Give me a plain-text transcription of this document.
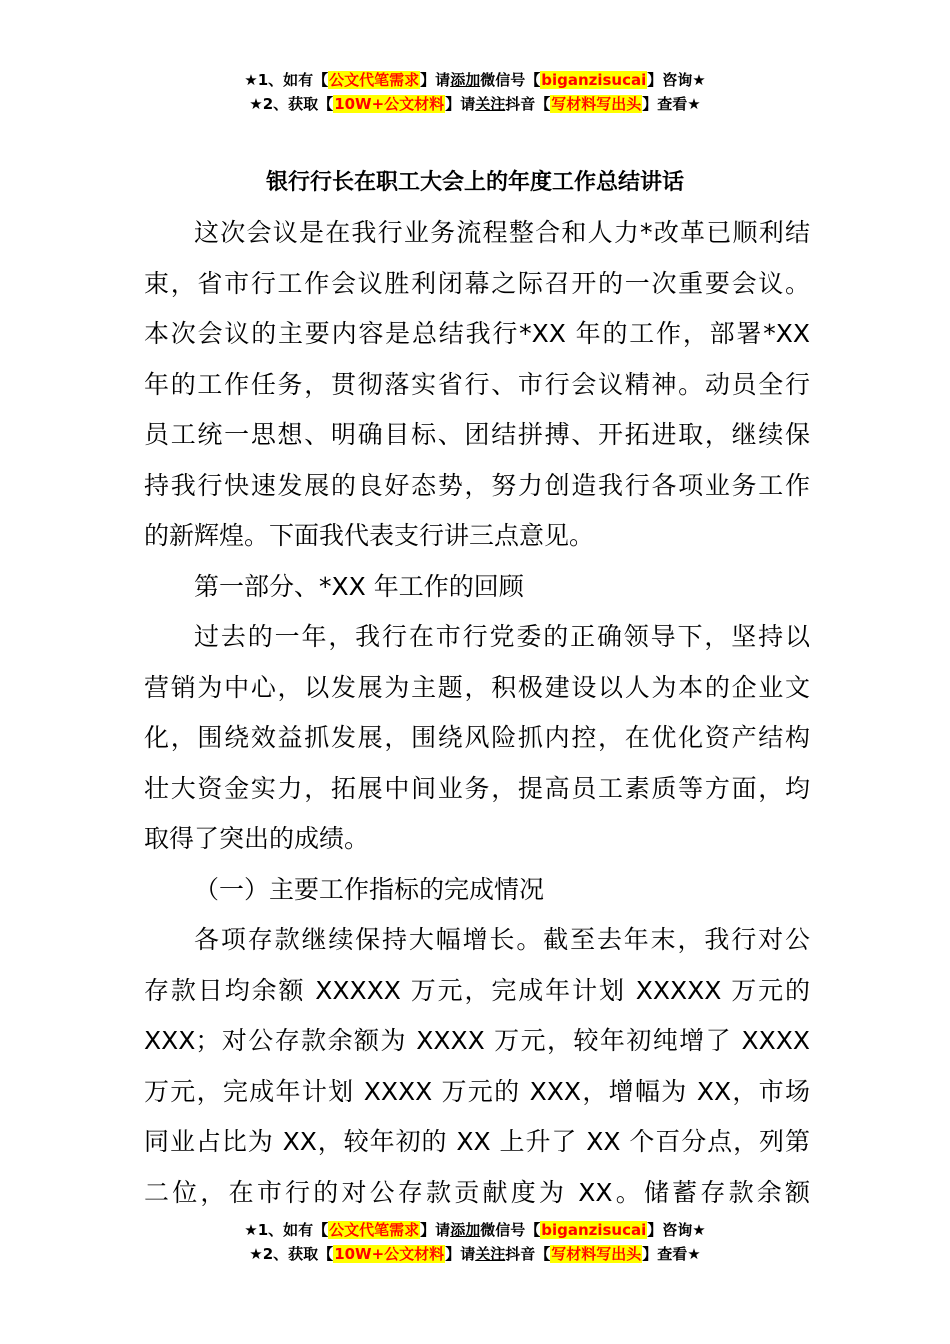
★1、如有【公文代笔需求】请添加微信号【biganzisucai】咨询★
★2、获取【10W+公文材料】请关注抖音【写材料写出头】查看★
银行行长在职工大会上的年度工作总结讲话

这次会议是在我行业务流程整合和人力*改革已顺利结
束，省市行工作会议胜利闭幕之际召开的一次重要会议。
本次会议的主要内容是总结我行*XX 年的工作，部署*XX
年的工作任务，贯彻落实省行、市行会议精神。动员全行
员工统一思想、明确目标、团结拼搏、开拓进取，继续保
持我行快速发展的良好态势，努力创造我行各项业务工作
的新辉煌。下面我代表支行讲三点意见。

第一部分、*XX 年工作的回顾

过去的一年，我行在市行党委的正确领导下，坚持以
营销为中心，以发展为主题，积极建设以人为本的企业文
化，围绕效益抓发展，围绕风险抓内控，在优化资产结构
壮大资金实力，拓展中间业务，提高员工素质等方面，均
取得了突出的成绩。

（一）主要工作指标的完成情况

各项存款继续保持大幅增长。截至去年末，我行对公
存款日均余额 XXXXX 万元，完成年计划 XXXXX 万元的
XXX；对公存款余额为 XXXX 万元，较年初纯增了 XXXX
万元，完成年计划 XXXX 万元的 XXX，增幅为 XX，市场
同业占比为 XX，较年初的 XX 上升了 XX 个百分点，列第
二位，在市行的对公存款贡献度为 XX。储蓄存款余额

★1、如有【公文代笔需求】请添加微信号【biganzisucai】咨询★
★2、获取【10W+公文材料】请关注抖音【写材料写出头】查看★
